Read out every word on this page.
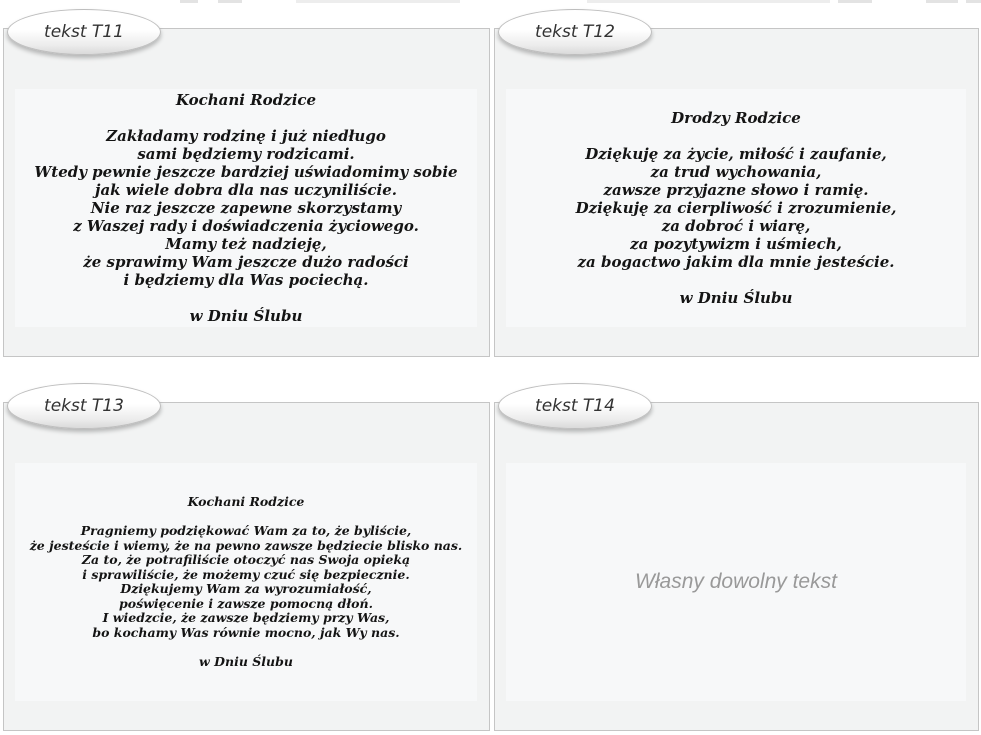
Kochani Rodzice
Zakładamy rodzinę i już niedługo
sami będziemy rodzicami.
Wtedy pewnie jeszcze bardziej uświadomimy sobie
jak wiele dobra dla nas uczyniliście.
Nie raz jeszcze zapewne skorzystamy
z Waszej rady i doświadczenia życiowego.
Mamy też nadzieję,
że sprawimy Wam jeszcze dużo radości
i będziemy dla Was pociechą.
w Dniu Ślubu
tekst T11
Drodzy Rodzice
Dziękuję za życie, miłość i zaufanie,
za trud wychowania,
zawsze przyjazne słowo i ramię.
Dziękuję za cierpliwość i zrozumienie,
za dobroć i wiarę,
za pozytywizm i uśmiech,
za bogactwo jakim dla mnie jesteście.
w Dniu Ślubu
tekst T12
Kochani Rodzice
Pragniemy podziękować Wam za to, że byliście,
że jesteście i wiemy, że na pewno zawsze będziecie blisko nas.
Za to, że potrafiliście otoczyć nas Swoja opieką
i sprawiliście, że możemy czuć się bezpiecznie.
Dziękujemy Wam za wyrozumiałość,
poświęcenie i zawsze pomocną dłoń.
I wiedzcie, że zawsze będziemy przy Was,
bo kochamy Was równie mocno, jak Wy nas.
w Dniu Ślubu
tekst T13
Własny dowolny tekst
tekst T14
